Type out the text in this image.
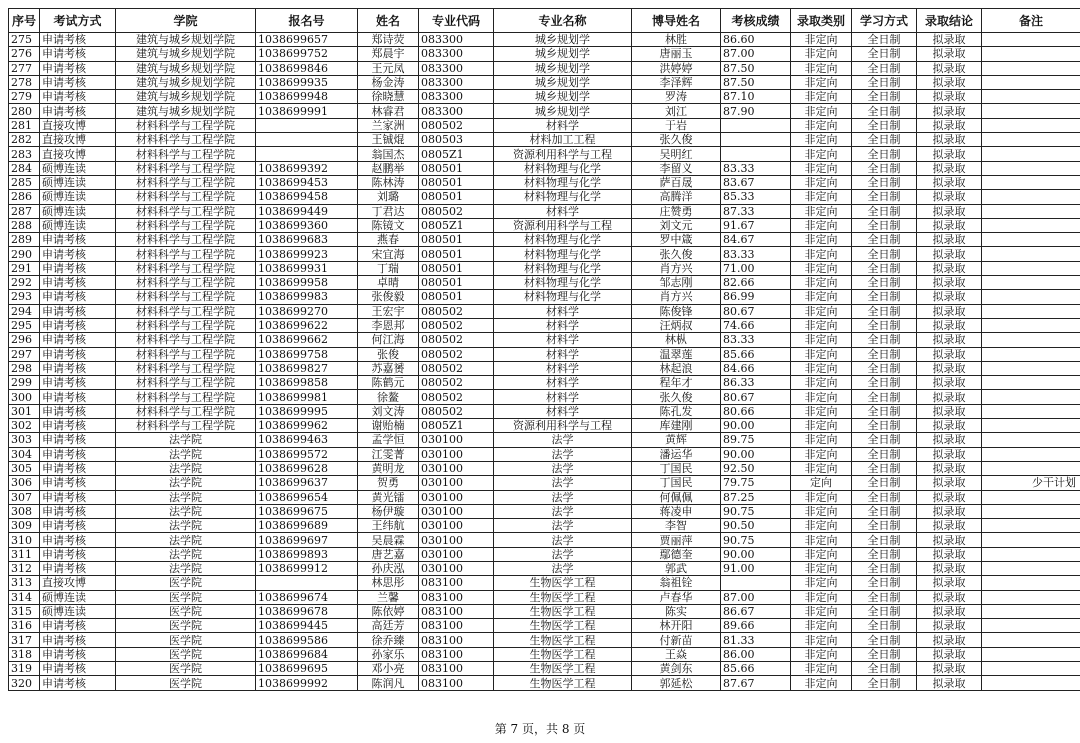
序号	考试方式	学院	报名号	姓名	专业代码	专业名称	博导姓名	考核成绩	录取类别	学习方式	录取结论	备注
275	申请考核	建筑与城乡规划学院	1038699657	郑诗荧	083300	城乡规划学	林胜	86.60	非定向	全日制	拟录取	
276	申请考核	建筑与城乡规划学院	1038699752	郑晨宇	083300	城乡规划学	唐丽玉	87.00	非定向	全日制	拟录取	
277	申请考核	建筑与城乡规划学院	1038699846	王元凤	083300	城乡规划学	洪婷婷	87.50	非定向	全日制	拟录取	
278	申请考核	建筑与城乡规划学院	1038699935	杨金涛	083300	城乡规划学	李泽辉	87.50	非定向	全日制	拟录取	
279	申请考核	建筑与城乡规划学院	1038699948	徐晓慧	083300	城乡规划学	罗涛	87.10	非定向	全日制	拟录取	
280	申请考核	建筑与城乡规划学院	1038699991	林睿君	083300	城乡规划学	刘江	87.90	非定向	全日制	拟录取	
281	直接攻博	材料科学与工程学院		兰家洲	080502	材料学	于岩		非定向	全日制	拟录取	
282	直接攻博	材料科学与工程学院		王铖焜	080503	材料加工工程	张久俊		非定向	全日制	拟录取	
283	直接攻博	材料科学与工程学院		翁国杰	0805Z1	资源利用科学与工程	吴明红		非定向	全日制	拟录取	
284	硕博连读	材料科学与工程学院	1038699392	赵鹏举	080501	材料物理与化学	李留义	83.33	非定向	全日制	拟录取	
285	硕博连读	材料科学与工程学院	1038699453	陈林涛	080501	材料物理与化学	萨百晟	83.67	非定向	全日制	拟录取	
286	硕博连读	材料科学与工程学院	1038699458	刘璐	080501	材料物理与化学	高腾洋	85.33	非定向	全日制	拟录取	
287	硕博连读	材料科学与工程学院	1038699449	丁君达	080502	材料学	庄赞勇	87.33	非定向	全日制	拟录取	
288	硕博连读	材料科学与工程学院	1038699360	陈镜文	0805Z1	资源利用科学与工程	刘文元	91.67	非定向	全日制	拟录取	
289	申请考核	材料科学与工程学院	1038699683	燕春	080501	材料物理与化学	罗中箴	84.67	非定向	全日制	拟录取	
290	申请考核	材料科学与工程学院	1038699923	宋宜海	080501	材料物理与化学	张久俊	83.33	非定向	全日制	拟录取	
291	申请考核	材料科学与工程学院	1038699931	丁瑞	080501	材料物理与化学	肖方兴	71.00	非定向	全日制	拟录取	
292	申请考核	材料科学与工程学院	1038699958	卓晴	080501	材料物理与化学	邹志刚	82.66	非定向	全日制	拟录取	
293	申请考核	材料科学与工程学院	1038699983	张俊毅	080501	材料物理与化学	肖方兴	86.99	非定向	全日制	拟录取	
294	申请考核	材料科学与工程学院	1038699270	王宏宇	080502	材料学	陈俊锋	80.67	非定向	全日制	拟录取	
295	申请考核	材料科学与工程学院	1038699622	李恩邦	080502	材料学	汪炳叔	74.66	非定向	全日制	拟录取	
296	申请考核	材料科学与工程学院	1038699662	何江海	080502	材料学	林枞	83.33	非定向	全日制	拟录取	
297	申请考核	材料科学与工程学院	1038699758	张俊	080502	材料学	温翠莲	85.66	非定向	全日制	拟录取	
298	申请考核	材料科学与工程学院	1038699827	苏嘉赟	080502	材料学	林起浪	84.66	非定向	全日制	拟录取	
299	申请考核	材料科学与工程学院	1038699858	陈鹤元	080502	材料学	程年才	86.33	非定向	全日制	拟录取	
300	申请考核	材料科学与工程学院	1038699981	徐鳌	080502	材料学	张久俊	80.67	非定向	全日制	拟录取	
301	申请考核	材料科学与工程学院	1038699995	刘文涛	080502	材料学	陈孔发	80.66	非定向	全日制	拟录取	
302	申请考核	材料科学与工程学院	1038699962	谢贻楠	0805Z1	资源利用科学与工程	库建刚	90.00	非定向	全日制	拟录取	
303	申请考核	法学院	1038699463	孟学恒	030100	法学	黄辉	89.75	非定向	全日制	拟录取	
304	申请考核	法学院	1038699572	江雯菁	030100	法学	潘运华	90.00	非定向	全日制	拟录取	
305	申请考核	法学院	1038699628	黄明龙	030100	法学	丁国民	92.50	非定向	全日制	拟录取	
306	申请考核	法学院	1038699637	贺勇	030100	法学	丁国民	79.75	定向	全日制	拟录取	少干计划
307	申请考核	法学院	1038699654	黄光镭	030100	法学	何佩佩	87.25	非定向	全日制	拟录取	
308	申请考核	法学院	1038699675	杨伊璇	030100	法学	蒋凌申	90.75	非定向	全日制	拟录取	
309	申请考核	法学院	1038699689	王纬航	030100	法学	李智	90.50	非定向	全日制	拟录取	
310	申请考核	法学院	1038699697	吴晨霖	030100	法学	贾丽萍	90.75	非定向	全日制	拟录取	
311	申请考核	法学院	1038699893	唐艺嘉	030100	法学	鄢德奎	90.00	非定向	全日制	拟录取	
312	申请考核	法学院	1038699912	孙庆泓	030100	法学	郭武	91.00	非定向	全日制	拟录取	
313	直接攻博	医学院		林思彤	083100	生物医学工程	翁祖铨		非定向	全日制	拟录取	
314	硕博连读	医学院	1038699674	兰馨	083100	生物医学工程	卢春华	87.00	非定向	全日制	拟录取	
315	硕博连读	医学院	1038699678	陈依婷	083100	生物医学工程	陈实	86.67	非定向	全日制	拟录取	
316	申请考核	医学院	1038699445	高廷芳	083100	生物医学工程	林开阳	89.66	非定向	全日制	拟录取	
317	申请考核	医学院	1038699586	徐乔臻	083100	生物医学工程	付新苗	81.33	非定向	全日制	拟录取	
318	申请考核	医学院	1038699684	孙家乐	083100	生物医学工程	王焱	86.00	非定向	全日制	拟录取	
319	申请考核	医学院	1038699695	邓小亮	083100	生物医学工程	黄剑东	85.66	非定向	全日制	拟录取	
320	申请考核	医学院	1038699992	陈润凡	083100	生物医学工程	郭延松	87.67	非定向	全日制	拟录取	
第 7 页，共 8 页
